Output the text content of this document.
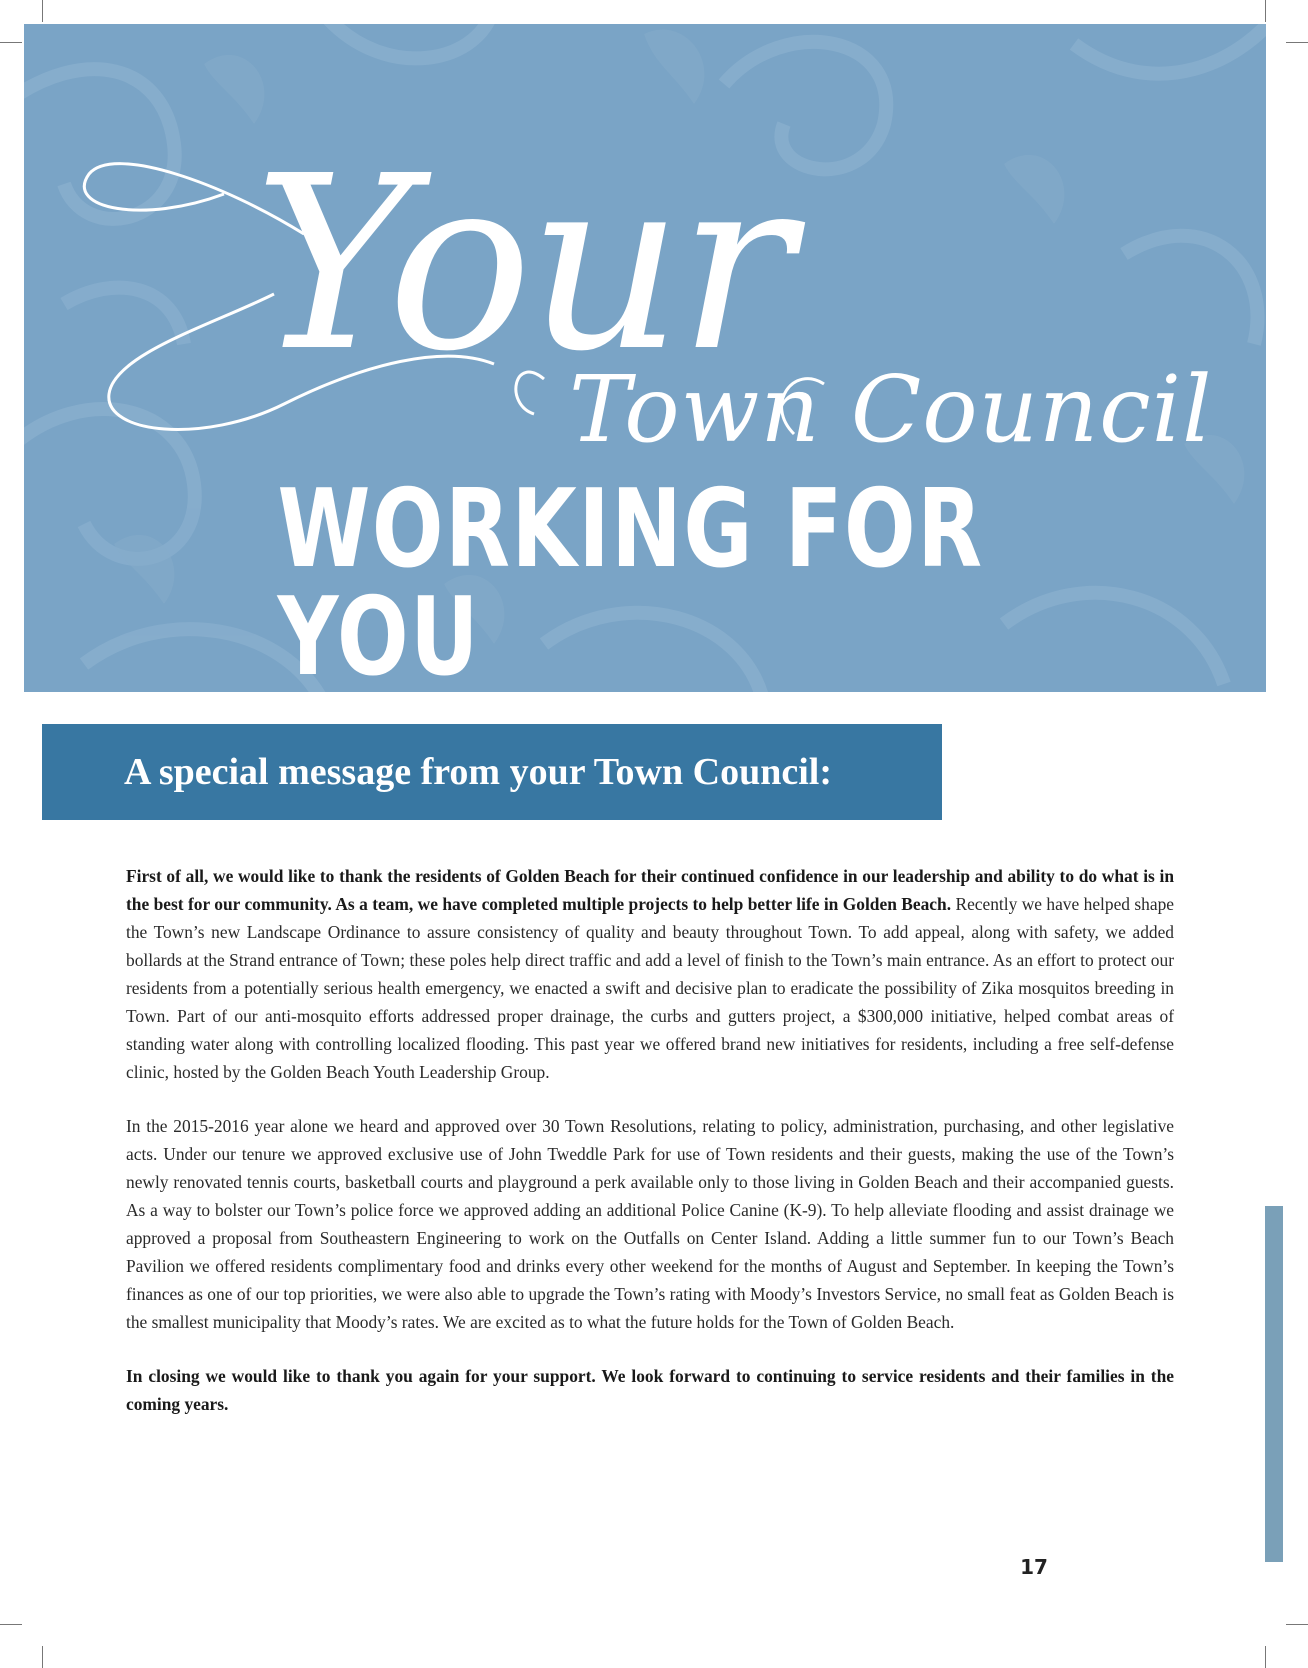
Your
Town Council
WORKING FOR YOU
A special message from your Town Council:

First of all, we would like to thank the residents of Golden Beach for their continued confidence in our leadership and ability to do what is in the best for our community. As a team, we have completed multiple projects to help better life in Golden Beach. Recently we have helped shape the Town’s new Landscape Ordinance to assure consistency of quality and beauty throughout Town. To add appeal, along with safety, we added bollards at the Strand entrance of Town; these poles help direct traffic and add a level of finish to the Town’s main entrance. As an effort to protect our residents from a potentially serious health emergency, we enacted a swift and decisive plan to eradicate the possibility of Zika mosquitos breeding in Town. Part of our anti-mosquito efforts addressed proper drainage, the curbs and gutters project, a $300,000 initiative, helped combat areas of standing water along with controlling localized flooding. This past year we offered brand new initiatives for residents, including a free self-defense clinic, hosted by the Golden Beach Youth Leadership Group.

In the 2015-2016 year alone we heard and approved over 30 Town Resolutions, relating to policy, administration, purchasing, and other legislative acts. Under our tenure we approved exclusive use of John Tweddle Park for use of Town residents and their guests, making the use of the Town’s newly renovated tennis courts, basketball courts and playground a perk available only to those living in Golden Beach and their accompanied guests. As a way to bolster our Town’s police force we approved adding an additional Police Canine (K-9). To help alleviate flooding and assist drainage we approved a proposal from Southeastern Engineering to work on the Outfalls on Center Island. Adding a little summer fun to our Town’s Beach Pavilion we offered residents complimentary food and drinks every other weekend for the months of August and September. In keeping the Town’s finances as one of our top priorities, we were also able to upgrade the Town’s rating with Moody’s Investors Service, no small feat as Golden Beach is the smallest municipality that Moody’s rates. We are excited as to what the future holds for the Town of Golden Beach.

In closing we would like to thank you again for your support. We look forward to continuing to service residents and their families in the coming years.

17
